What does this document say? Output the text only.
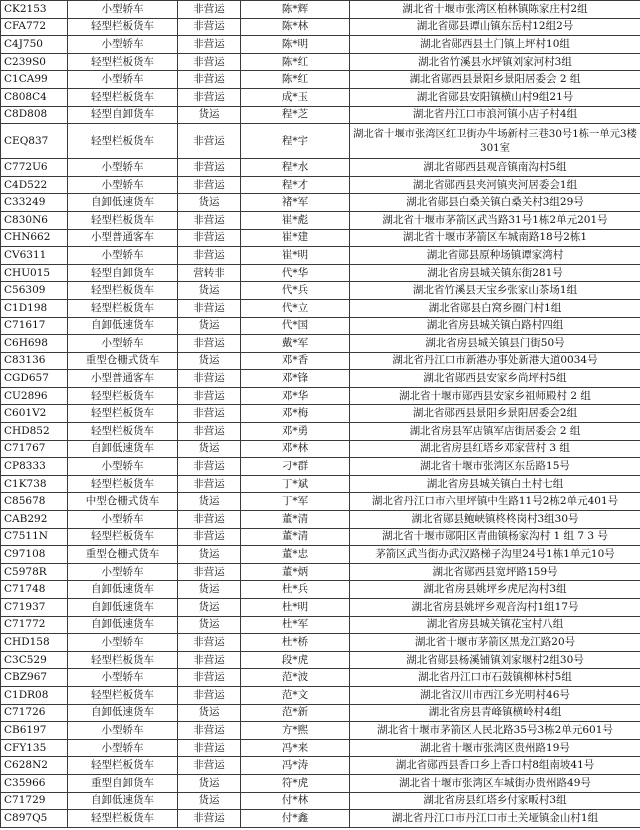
CK2153	小型轿车	非营运	陈*辉	湖北省十堰市张湾区柏林镇陈家庄村2组
CFA772	轻型栏板货车	非营运	陈*林	湖北省郧县谭山镇东岳村12组2号
C4J750	小型轿车	非营运	陈*明	湖北省郧西县土门镇上坪村10组
C239S0	轻型栏板货车	非营运	陈*红	湖北省竹溪县水坪镇刘家河村3组
C1CA99	小型轿车	非营运	陈*红	湖北省郧西县景阳乡景阳居委会 2 组
C808C4	轻型栏板货车	非营运	成*玉	湖北省郧县安阳镇横山村9组21号
C8D808	轻型自卸货车	货运	程*芝	湖北省丹江口市浪河镇小店子村4组
CEQ837	轻型栏板货车	非营运	程*宇	湖北省十堰市张湾区红卫街办牛场新村三巷30号1栋一单元3楼301室
C772U6	小型轿车	非营运	程*水	湖北省郧西县观音镇南沟村5组
C4D522	小型轿车	非营运	程*才	湖北省郧西县夹河镇夹河居委会1组
C33249	自卸低速货车	货运	褚*军	湖北省郧县白桑关镇白桑关村3组29号
C830N6	轻型栏板货车	非营运	崔*彪	湖北省十堰市茅箭区武当路31号1栋2单元201号
CHN662	小型普通客车	非营运	崔*建	湖北省十堰市茅箭区车城南路18号2栋1
CV6311	小型轿车	非营运	崔*明	湖北省郧县原种场镇谭家湾村
CHU015	轻型自卸货车	营转非	代*华	湖北省房县城关镇东街281号
C56309	轻型栏板货车	货运	代*兵	湖北省竹溪县天宝乡张家山茶场1组
C1D198	轻型栏板货车	非营运	代*立	湖北省郧县白窝乡圈门村1组
C71617	自卸低速货车	货运	代*国	湖北省房县城关镇白路村四组
C6H698	小型轿车	非营运	戴*军	湖北省房县城关镇县门街50号
C83136	重型仓栅式货车	货运	邓*香	湖北省丹江口市新港办事处新港大道0034号
CGD657	小型普通客车	非营运	邓*锋	湖北省郧西县安家乡尚坪村5组
CU2896	轻型栏板货车	非营运	邓*华	湖北省十堰市郧西县安家乡祖师殿村 2 组
C601V2	轻型栏板货车	非营运	邓*梅	湖北省郧西县景阳乡景阳居委会2组
CHD852	轻型栏板货车	非营运	邓*勇	湖北省房县军店镇军店街居委会 2 组
C71767	自卸低速货车	货运	邓*林	湖北省房县红塔乡邓家营村 3 组
CP8333	小型轿车	非营运	刁*群	湖北省十堰市张湾区东岳路15号
C1K738	轻型栏板货车	非营运	丁*斌	湖北省房县城关镇白土村七组
C85678	中型仓栅式货车	货运	丁*军	湖北省丹江口市六里坪镇中生路11号2栋2单元401号
CAB292	小型轿车	非营运	董*清	湖北省郧县鲍峡镇柊柊岗村3组30号
C7511N	轻型栏板货车	非营运	董*清	湖北省十堰市郧阳区青曲镇杨家沟村 1 组 7 3 号
C97108	重型仓栅式货车	货运	董*忠	茅箭区武当街办武汉路梯子沟里24号1栋1单元10号
C5978R	小型轿车	非营运	董*炳	湖北省郧西县宽坪路159号
C71748	自卸低速货车	货运	杜*兵	湖北省房县姚坪乡虎尼沟村3组
C71937	自卸低速货车	货运	杜*明	湖北省房县姚坪乡观音沟村1组17号
C71772	自卸低速货车	货运	杜*军	湖北省房县城关镇花宝村八组
CHD158	小型轿车	非营运	杜*桥	湖北省十堰市茅箭区黑龙江路20号
C3C529	轻型栏板货车	非营运	段*虎	湖北省郧县杨溪铺镇刘家堰村2组30号
CBZ967	小型轿车	非营运	范*波	湖北省丹江口市石鼓镇柳林村5组
C1DR08	轻型栏板货车	非营运	范*文	湖北省汉川市西江乡光明村46号
C71726	自卸低速货车	货运	范*新	湖北省房县青峰镇横岭村4组
CB6197	小型轿车	非营运	方*熙	湖北省十堰市茅箭区人民北路35号3栋2单元601号
CFY135	小型轿车	非营运	冯*来	湖北省十堰市张湾区贵州路19号
C628N2	轻型栏板货车	非营运	冯*涛	湖北省郧西县香口乡上香口村8组南坡41号
C35966	重型自卸货车	货运	符*虎	湖北省十堰市张湾区车城街办贵州路49号
C71729	自卸低速货车	货运	付*林	湖北省房县红塔乡付家畈村3组
C897Q5	轻型栏板货车	非营运	付*鑫	湖北省丹江口市丹江口市土关垭镇金山村1组
